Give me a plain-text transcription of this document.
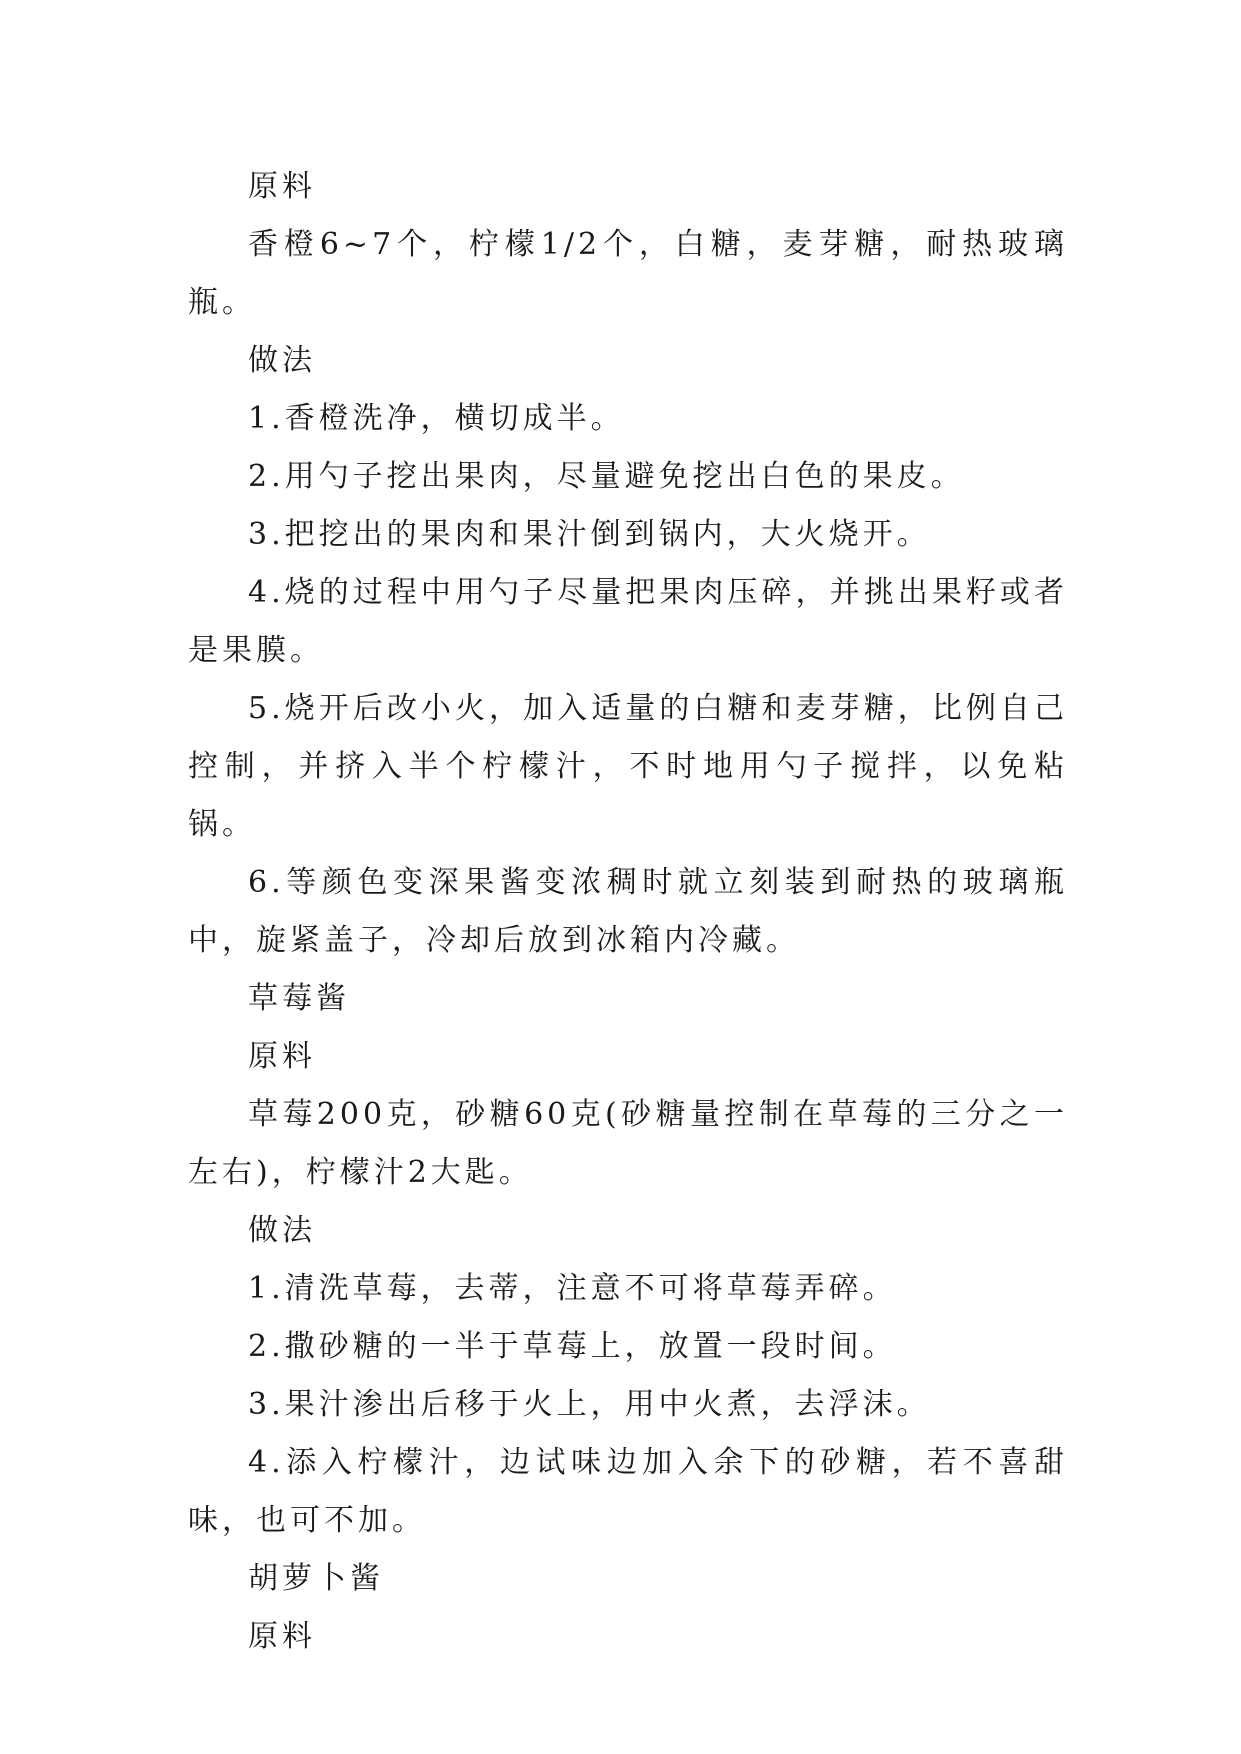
原料

香橙6~7个，柠檬1/2个，白糖，麦芽糖，耐热玻璃瓶。

做法

1.香橙洗净，横切成半。

2.用勺子挖出果肉，尽量避免挖出白色的果皮。

3.把挖出的果肉和果汁倒到锅内，大火烧开。

4.烧的过程中用勺子尽量把果肉压碎，并挑出果籽或者是果膜。

5.烧开后改小火，加入适量的白糖和麦芽糖，比例自己控制，并挤入半个柠檬汁，不时地用勺子搅拌，以免粘锅。

6.等颜色变深果酱变浓稠时就立刻装到耐热的玻璃瓶中，旋紧盖子，冷却后放到冰箱内冷藏。

草莓酱

原料

草莓200克，砂糖60克(砂糖量控制在草莓的三分之一左右)，柠檬汁2大匙。

做法

1.清洗草莓，去蒂，注意不可将草莓弄碎。

2.撒砂糖的一半于草莓上，放置一段时间。

3.果汁渗出后移于火上，用中火煮，去浮沫。

4.添入柠檬汁，边试味边加入余下的砂糖，若不喜甜味，也可不加。

胡萝卜酱

原料
